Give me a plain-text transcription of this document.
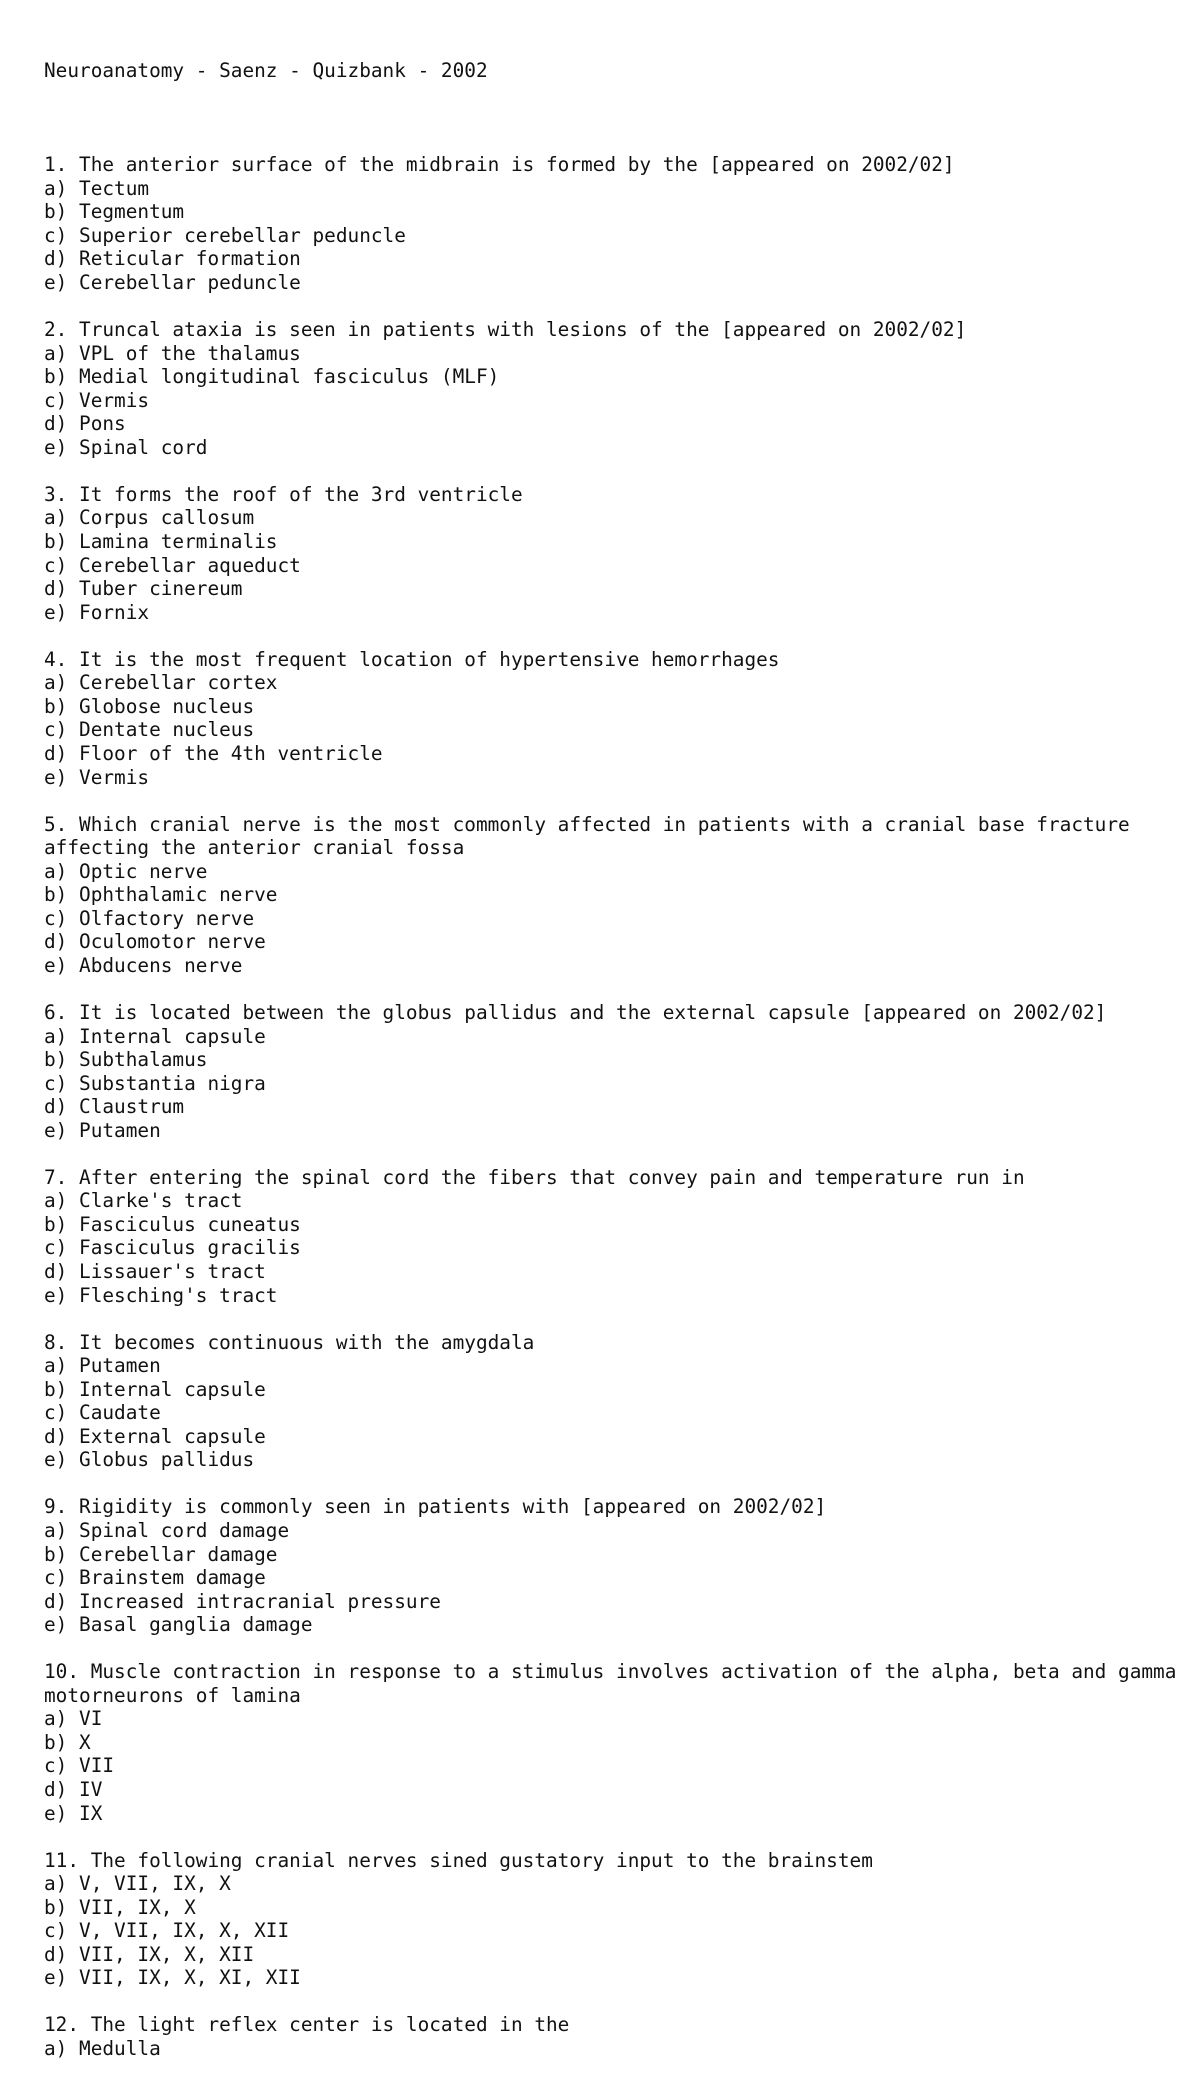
Neuroanatomy - Saenz - Quizbank - 2002

1. The anterior surface of the midbrain is formed by the [appeared on 2002/02]
a) Tectum
b) Tegmentum
c) Superior cerebellar peduncle
d) Reticular formation
e) Cerebellar peduncle
2. Truncal ataxia is seen in patients with lesions of the [appeared on 2002/02]
a) VPL of the thalamus
b) Medial longitudinal fasciculus (MLF)
c) Vermis
d) Pons
e) Spinal cord
3. It forms the roof of the 3rd ventricle
a) Corpus callosum
b) Lamina terminalis
c) Cerebellar aqueduct
d) Tuber cinereum
e) Fornix
4. It is the most frequent location of hypertensive hemorrhages
a) Cerebellar cortex
b) Globose nucleus
c) Dentate nucleus
d) Floor of the 4th ventricle
e) Vermis
5. Which cranial nerve is the most commonly affected in patients with a cranial base fracture
affecting the anterior cranial fossa
a) Optic nerve
b) Ophthalamic nerve
c) Olfactory nerve
d) Oculomotor nerve
e) Abducens nerve
6. It is located between the globus pallidus and the external capsule [appeared on 2002/02]
a) Internal capsule
b) Subthalamus
c) Substantia nigra
d) Claustrum
e) Putamen
7. After entering the spinal cord the fibers that convey pain and temperature run in
a) Clarke's tract
b) Fasciculus cuneatus
c) Fasciculus gracilis
d) Lissauer's tract
e) Flesching's tract
8. It becomes continuous with the amygdala
a) Putamen
b) Internal capsule
c) Caudate
d) External capsule
e) Globus pallidus
9. Rigidity is commonly seen in patients with [appeared on 2002/02]
a) Spinal cord damage
b) Cerebellar damage
c) Brainstem damage
d) Increased intracranial pressure
e) Basal ganglia damage
10. Muscle contraction in response to a stimulus involves activation of the alpha, beta and gamma
motorneurons of lamina
a) VI
b) X
c) VII
d) IV
e) IX
11. The following cranial nerves sined gustatory input to the brainstem
a) V, VII, IX, X
b) VII, IX, X
c) V, VII, IX, X, XII
d) VII, IX, X, XII
e) VII, IX, X, XI, XII
12. The light reflex center is located in the
a) Medulla
